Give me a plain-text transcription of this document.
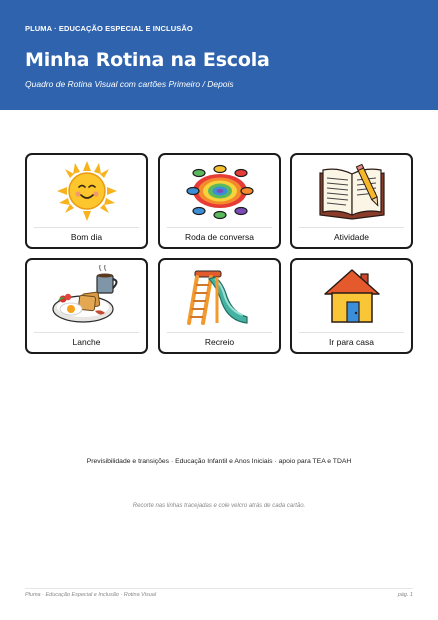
PLUMA · EDUCAÇÃO ESPECIAL E INCLUSÃO
Minha Rotina na Escola
Quadro de Rotina Visual com cartões Primeiro / Depois
Bom dia	Roda de conversa	Atividade
Lanche	Recreio	Ir para casa
Previsibilidade e transições · Educação Infantil e Anos Iniciais · apoio para TEA e TDAH
Recorte nas linhas tracejadas e cole velcro atrás de cada cartão.
Pluma · Educação Especial e Inclusão · Rotina Visual	pág. 1
